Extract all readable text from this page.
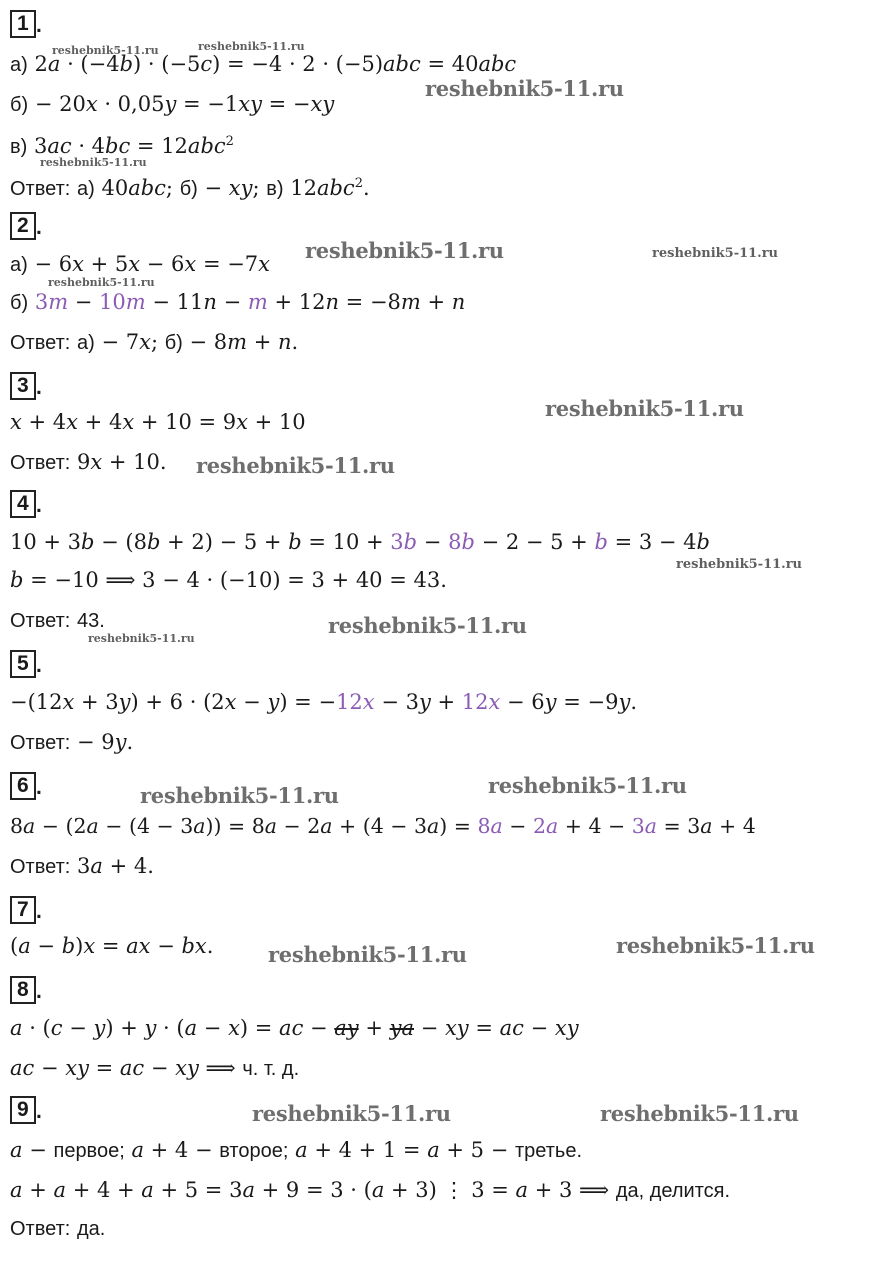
1 .
а) 2a · (−4b) · (−5c) = −4 · 2 · (−5)abc = 40abc
б) − 20x · 0,05y = −1xy = −xy
в) 3ac · 4bc = 12abc$^2$
Ответ: а) 40abc; б) − xy; в) 12abc$^2$.
2 .
а) − 6x + 5x − 6x = −7x
б) 3m − 10m − 11n − m + 12n = −8m + n
Ответ: а) − 7x; б) − 8m + n.
3 .
x + 4x + 4x + 10 = 9x + 10
Ответ: 9x + 10.
4 .
10 + 3b − (8b + 2) − 5 + b = 10 + 3b − 8b − 2 − 5 + b = 3 − 4b
b = −10 ⟹ 3 − 4 · (−10) = 3 + 40 = 43.
Ответ: 43.
5 .
−(12x + 3y) + 6 · (2x − y) = −12x − 3y + 12x − 6y = −9y.
Ответ: − 9y.
6 .
8a − (2a − (4 − 3a)) = 8a − 2a + (4 − 3a) = 8a − 2a + 4 − 3a = 3a + 4
Ответ: 3a + 4.
7 .
(a − b)x = ax − bx.
8 .
a · (c − y) + y · (a − x) = ac − ay + ya − xy = ac − xy
ac − xy = ac − xy ⟹ ч. т. д.
9 .
a − первое; a + 4 − второе; a + 4 + 1 = a + 5 − третье.
a + a + 4 + a + 5 = 3a + 9 = 3 · (a + 3) ⋮ 3 = a + 3 ⟹ да, делится.
Ответ: да.
reshebnik5-11.ru	reshebnik5-11.ru
reshebnik5-11.ru
reshebnik5-11.ru
reshebnik5-11.ru	reshebnik5-11.ru
reshebnik5-11.ru
reshebnik5-11.ru
reshebnik5-11.ru
reshebnik5-11.ru
reshebnik5-11.ru
reshebnik5-11.ru
reshebnik5-11.ru
reshebnik5-11.ru
reshebnik5-11.ru
reshebnik5-11.ru
reshebnik5-11.ru	reshebnik5-11.ru
